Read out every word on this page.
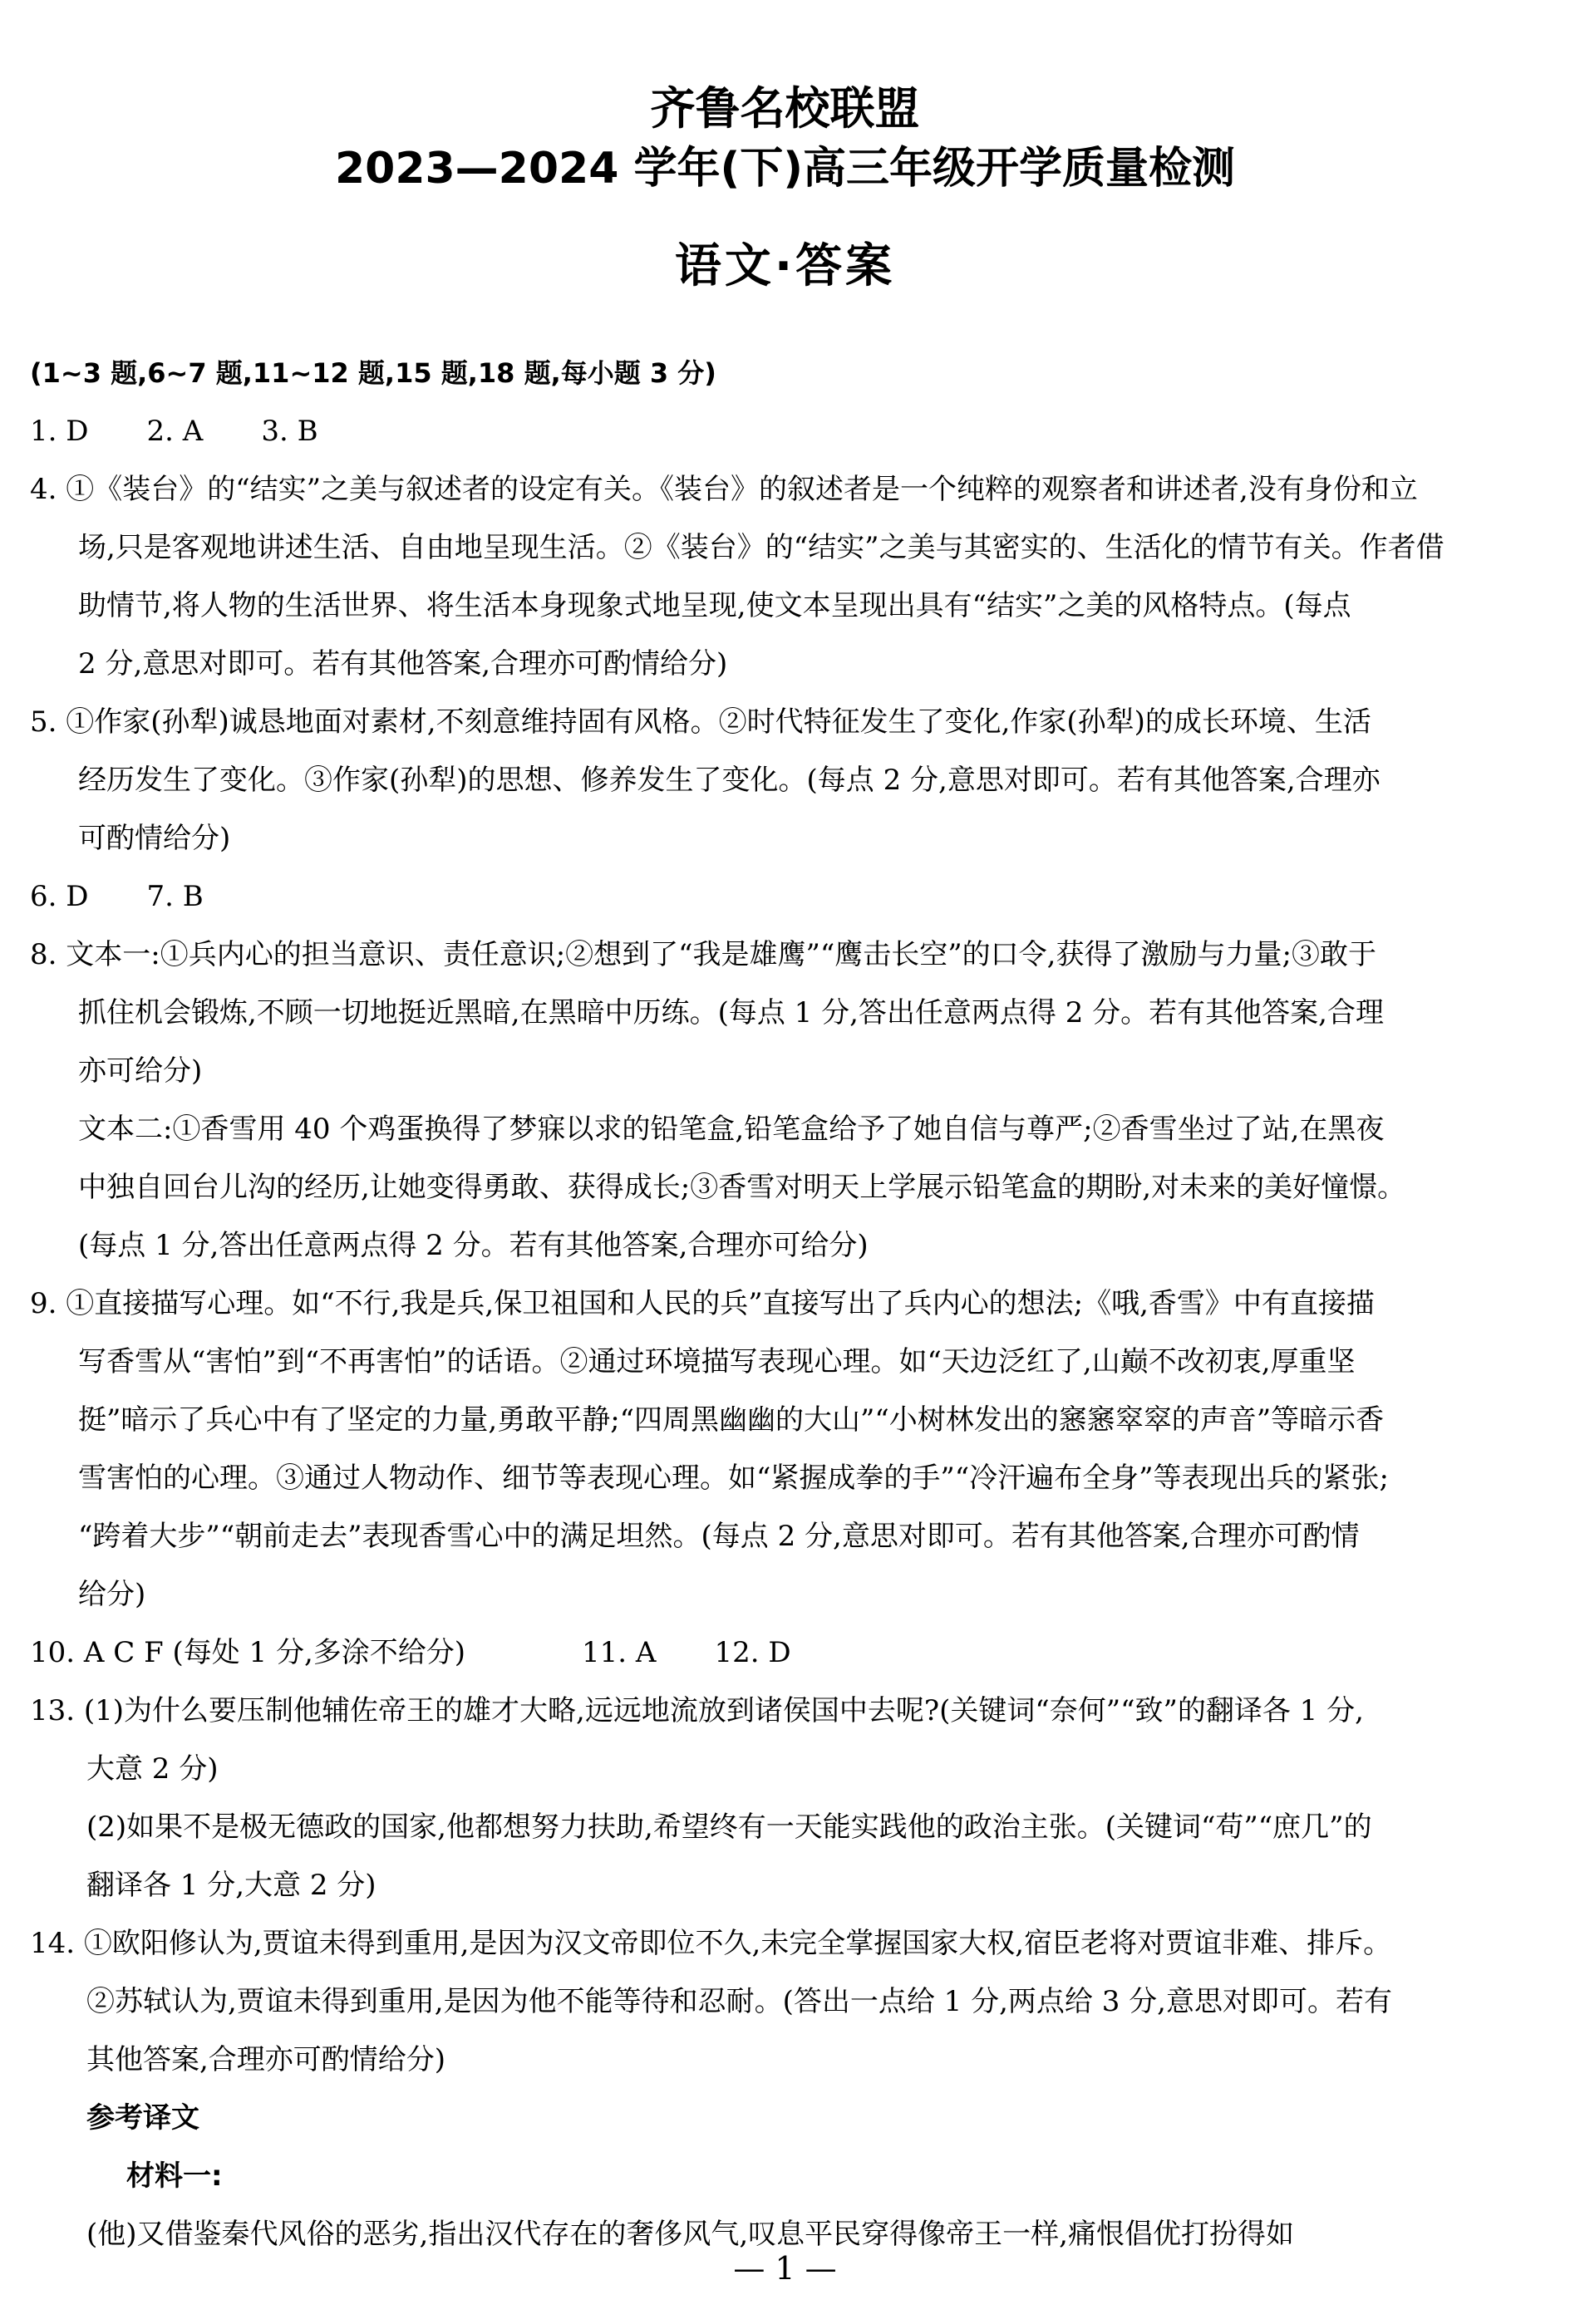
齐鲁名校联盟
2023—2024 学年(下)高三年级开学质量检测
语文·答案
(1~3 题,6~7 题,11~12 题,15 题,18 题,每小题 3 分)
1. D 2. A 3. B
4. ①《装台》的“结实”之美与叙述者的设定有关。《装台》的叙述者是一个纯粹的观察者和讲述者,没有身份和立
场,只是客观地讲述生活、自由地呈现生活。②《装台》的“结实”之美与其密实的、生活化的情节有关。作者借
助情节,将人物的生活世界、将生活本身现象式地呈现,使文本呈现出具有“结实”之美的风格特点。(每点
2 分,意思对即可。若有其他答案,合理亦可酌情给分)
5. ①作家(孙犁)诚恳地面对素材,不刻意维持固有风格。②时代特征发生了变化,作家(孙犁)的成长环境、生活
经历发生了变化。③作家(孙犁)的思想、修养发生了变化。(每点 2 分,意思对即可。若有其他答案,合理亦
可酌情给分)
6. D 7. B
8. 文本一:①兵内心的担当意识、责任意识;②想到了“我是雄鹰”“鹰击长空”的口令,获得了激励与力量;③敢于
抓住机会锻炼,不顾一切地挺近黑暗,在黑暗中历练。(每点 1 分,答出任意两点得 2 分。若有其他答案,合理
亦可给分)
文本二:①香雪用 40 个鸡蛋换得了梦寐以求的铅笔盒,铅笔盒给予了她自信与尊严;②香雪坐过了站,在黑夜
中独自回台儿沟的经历,让她变得勇敢、获得成长;③香雪对明天上学展示铅笔盒的期盼,对未来的美好憧憬。
(每点 1 分,答出任意两点得 2 分。若有其他答案,合理亦可给分)
9. ①直接描写心理。如“不行,我是兵,保卫祖国和人民的兵”直接写出了兵内心的想法;《哦,香雪》中有直接描
写香雪从“害怕”到“不再害怕”的话语。②通过环境描写表现心理。如“天边泛红了,山巅不改初衷,厚重坚
挺”暗示了兵心中有了坚定的力量,勇敢平静;“四周黑幽幽的大山”“小树林发出的窸窸窣窣的声音”等暗示香
雪害怕的心理。③通过人物动作、细节等表现心理。如“紧握成拳的手”“冷汗遍布全身”等表现出兵的紧张;
“跨着大步”“朝前走去”表现香雪心中的满足坦然。(每点 2 分,意思对即可。若有其他答案,合理亦可酌情
给分)
10. A C F (每处 1 分,多涂不给分)	11. A 12. D
13. (1)为什么要压制他辅佐帝王的雄才大略,远远地流放到诸侯国中去呢?(关键词“奈何”“致”的翻译各 1 分,
大意 2 分)
(2)如果不是极无德政的国家,他都想努力扶助,希望终有一天能实践他的政治主张。(关键词“苟”“庶几”的
翻译各 1 分,大意 2 分)
14. ①欧阳修认为,贾谊未得到重用,是因为汉文帝即位不久,未完全掌握国家大权,宿臣老将对贾谊非难、排斥。
②苏轼认为,贾谊未得到重用,是因为他不能等待和忍耐。(答出一点给 1 分,两点给 3 分,意思对即可。若有
其他答案,合理亦可酌情给分)
参考译文
材料一:
(他)又借鉴秦代风俗的恶劣,指出汉代存在的奢侈风气,叹息平民穿得像帝王一样,痛恨倡优打扮得如
— 1 —
